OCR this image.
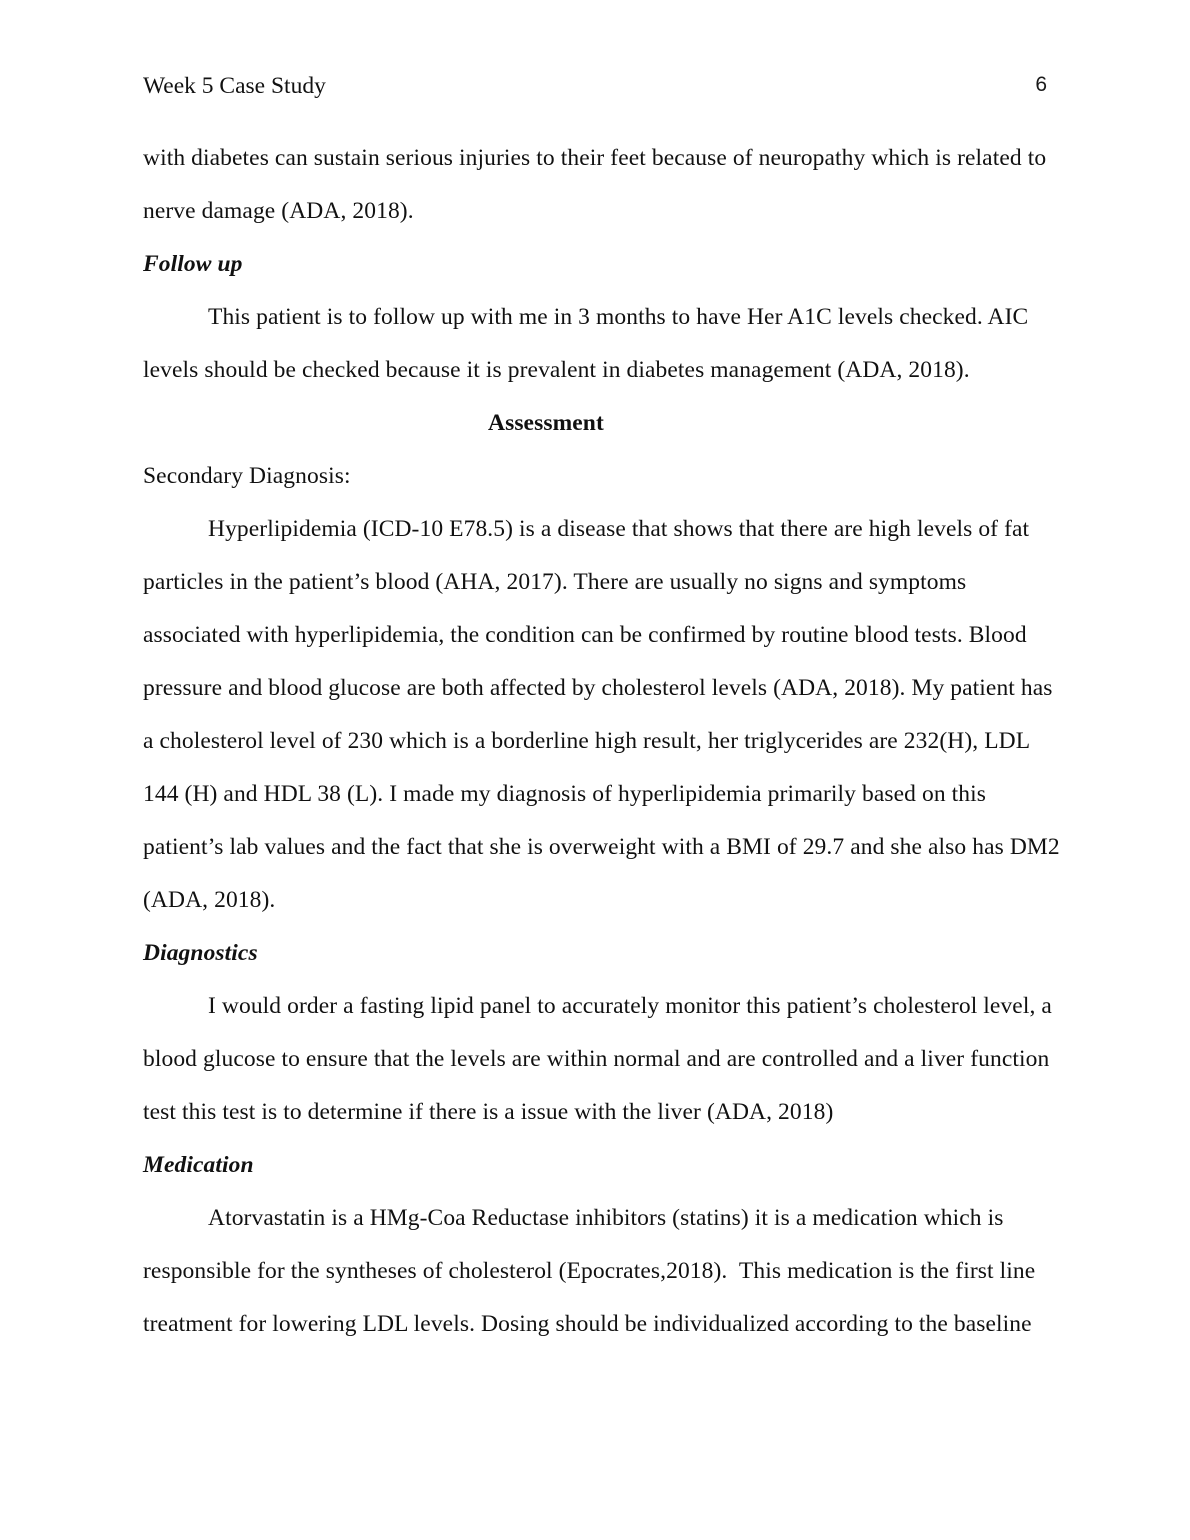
Week 5 Case Study	6
with diabetes can sustain serious injuries to their feet because of neuropathy which is related to
nerve damage (ADA, 2018).
Follow up
This patient is to follow up with me in 3 months to have Her A1C levels checked. AIC
levels should be checked because it is prevalent in diabetes management (ADA, 2018).
Assessment
Secondary Diagnosis:
Hyperlipidemia (ICD-10 E78.5) is a disease that shows that there are high levels of fat
particles in the patient’s blood (AHA, 2017). There are usually no signs and symptoms
associated with hyperlipidemia, the condition can be confirmed by routine blood tests. Blood
pressure and blood glucose are both affected by cholesterol levels (ADA, 2018). My patient has
a cholesterol level of 230 which is a borderline high result, her triglycerides are 232(H), LDL
144 (H) and HDL 38 (L). I made my diagnosis of hyperlipidemia primarily based on this
patient’s lab values and the fact that she is overweight with a BMI of 29.7 and she also has DM2
(ADA, 2018).
Diagnostics
I would order a fasting lipid panel to accurately monitor this patient’s cholesterol level, a
blood glucose to ensure that the levels are within normal and are controlled and a liver function
test this test is to determine if there is a issue with the liver (ADA, 2018)
Medication
Atorvastatin is a HMg-Coa Reductase inhibitors (statins) it is a medication which is
responsible for the syntheses of cholesterol (Epocrates,2018).  This medication is the first line
treatment for lowering LDL levels. Dosing should be individualized according to the baseline
